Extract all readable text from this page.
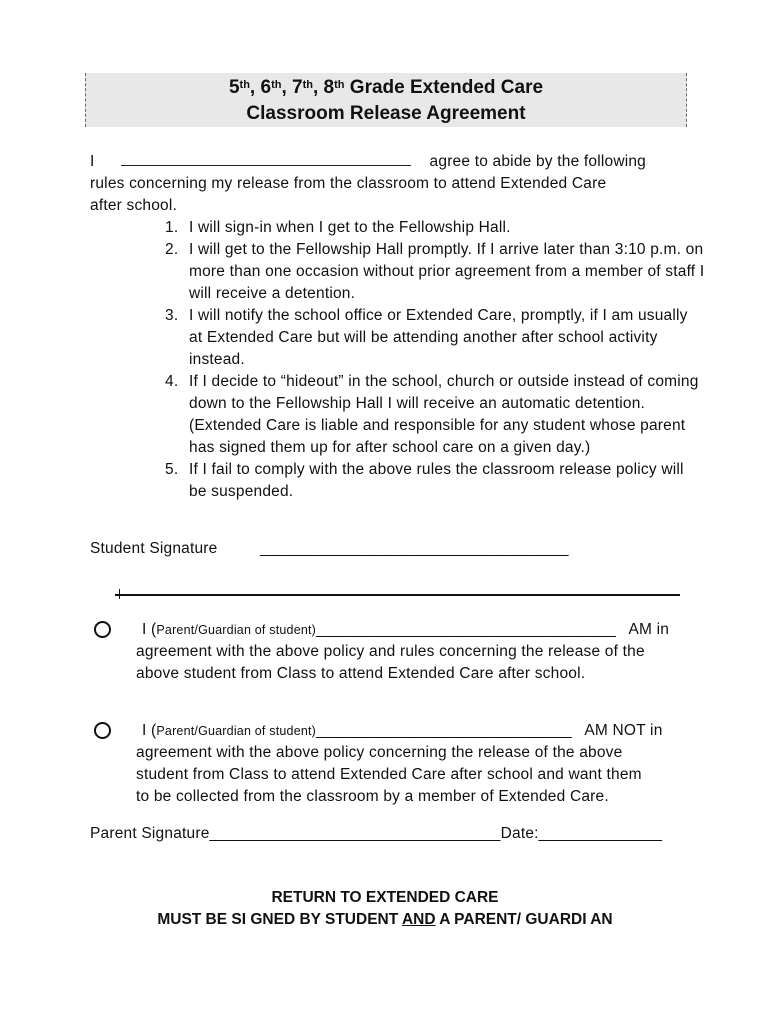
5th, 6th, 7th, 8th Grade Extended Care
Classroom Release Agreement
I	agree to abide by the following
rules concerning my release from the classroom to attend Extended Care
after school.
1. I will sign-in when I get to the Fellowship Hall.
2. I will get to the Fellowship Hall promptly. If I arrive later than 3:10 p.m. on more than one occasion without prior agreement from a member of staff I will receive a detention.
3. I will notify the school office or Extended Care, promptly, if I am usually at Extended Care but will be attending another after school activity instead.
4. If I decide to “hideout” in the school, church or outside instead of coming down to the Fellowship Hall I will receive an automatic detention. (Extended Care is liable and responsible for any student whose parent has signed them up for after school care on a given day.)
5. If I fail to comply with the above rules the classroom release policy will be suspended.
Student Signature	___________________________________
I (Parent/Guardian of student)__________________________________ AM in
agreement with the above policy and rules concerning the release of the
above student from Class to attend Extended Care after school.
I (Parent/Guardian of student)_____________________________ AM NOT in
agreement with the above policy concerning the release of the above
student from Class to attend Extended Care after school and want them
to be collected from the classroom by a member of Extended Care.
Parent Signature_________________________________Date:______________
RETURN TO EXTENDED CARE
MUST BE SI GNED BY STUDENT AND A PARENT/ GUARDI AN
